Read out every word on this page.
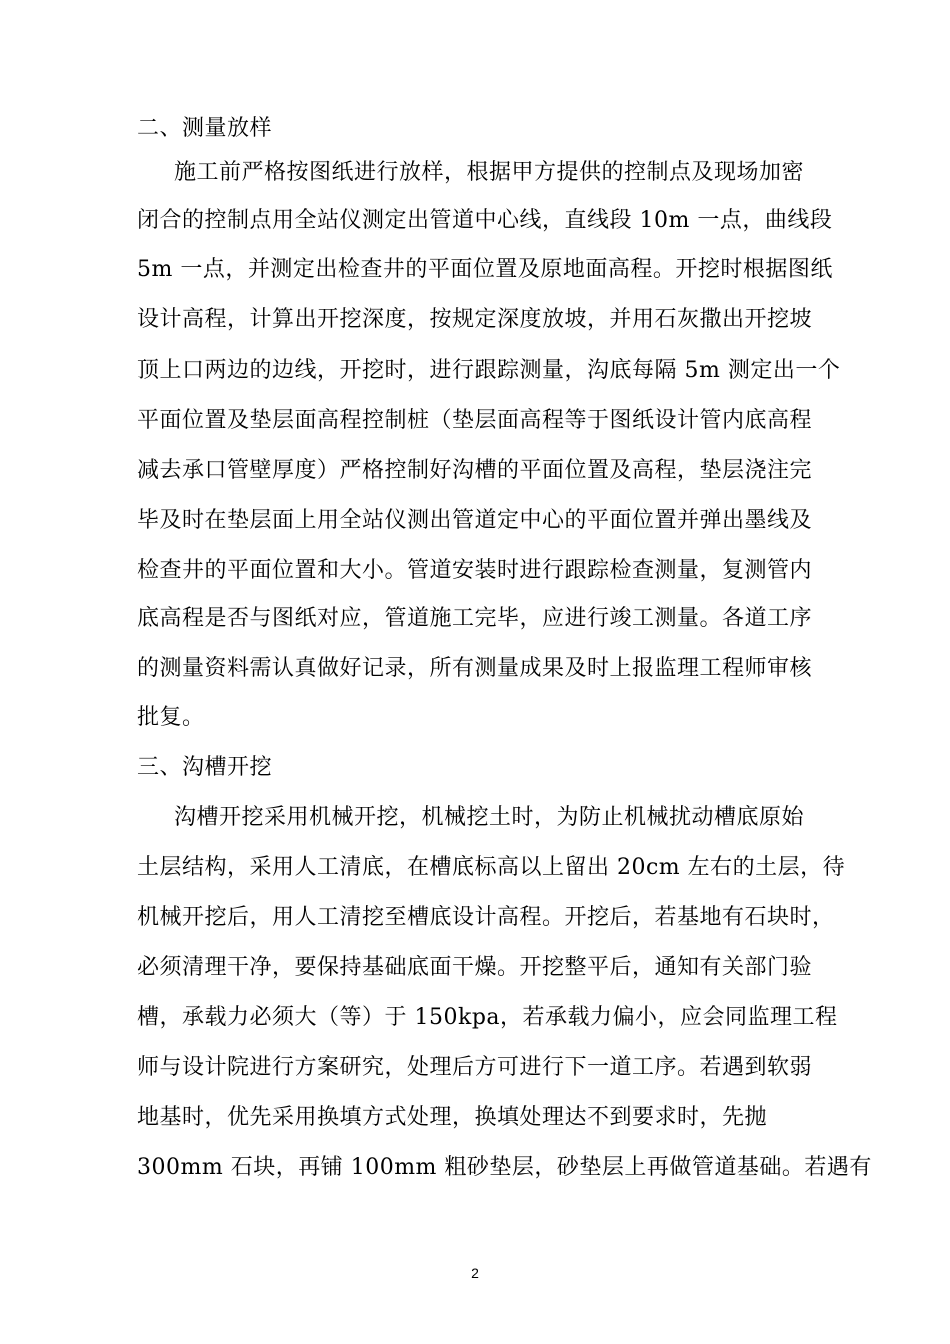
二、测量放样
施工前严格按图纸进行放样，根据甲方提供的控制点及现场加密
闭合的控制点用全站仪测定出管道中心线，直线段 10m 一点，曲线段
5m 一点，并测定出检查井的平面位置及原地面高程。开挖时根据图纸
设计高程，计算出开挖深度，按规定深度放坡，并用石灰撒出开挖坡
顶上口两边的边线，开挖时，进行跟踪测量，沟底每隔 5m 测定出一个
平面位置及垫层面高程控制桩（垫层面高程等于图纸设计管内底高程
减去承口管壁厚度）严格控制好沟槽的平面位置及高程，垫层浇注完
毕及时在垫层面上用全站仪测出管道定中心的平面位置并弹出墨线及
检查井的平面位置和大小。管道安装时进行跟踪检查测量，复测管内
底高程是否与图纸对应，管道施工完毕，应进行竣工测量。各道工序
的测量资料需认真做好记录，所有测量成果及时上报监理工程师审核
批复。
三、沟槽开挖
沟槽开挖采用机械开挖，机械挖土时，为防止机械扰动槽底原始
土层结构，采用人工清底，在槽底标高以上留出 20cm 左右的土层，待
机械开挖后，用人工清挖至槽底设计高程。开挖后，若基地有石块时，
必须清理干净，要保持基础底面干燥。开挖整平后，通知有关部门验
槽，承载力必须大（等）于 150kpa，若承载力偏小，应会同监理工程
师与设计院进行方案研究，处理后方可进行下一道工序。若遇到软弱
地基时，优先采用换填方式处理，换填处理达不到要求时，先抛
300mm 石块，再铺 100mm 粗砂垫层，砂垫层上再做管道基础。若遇有
2
